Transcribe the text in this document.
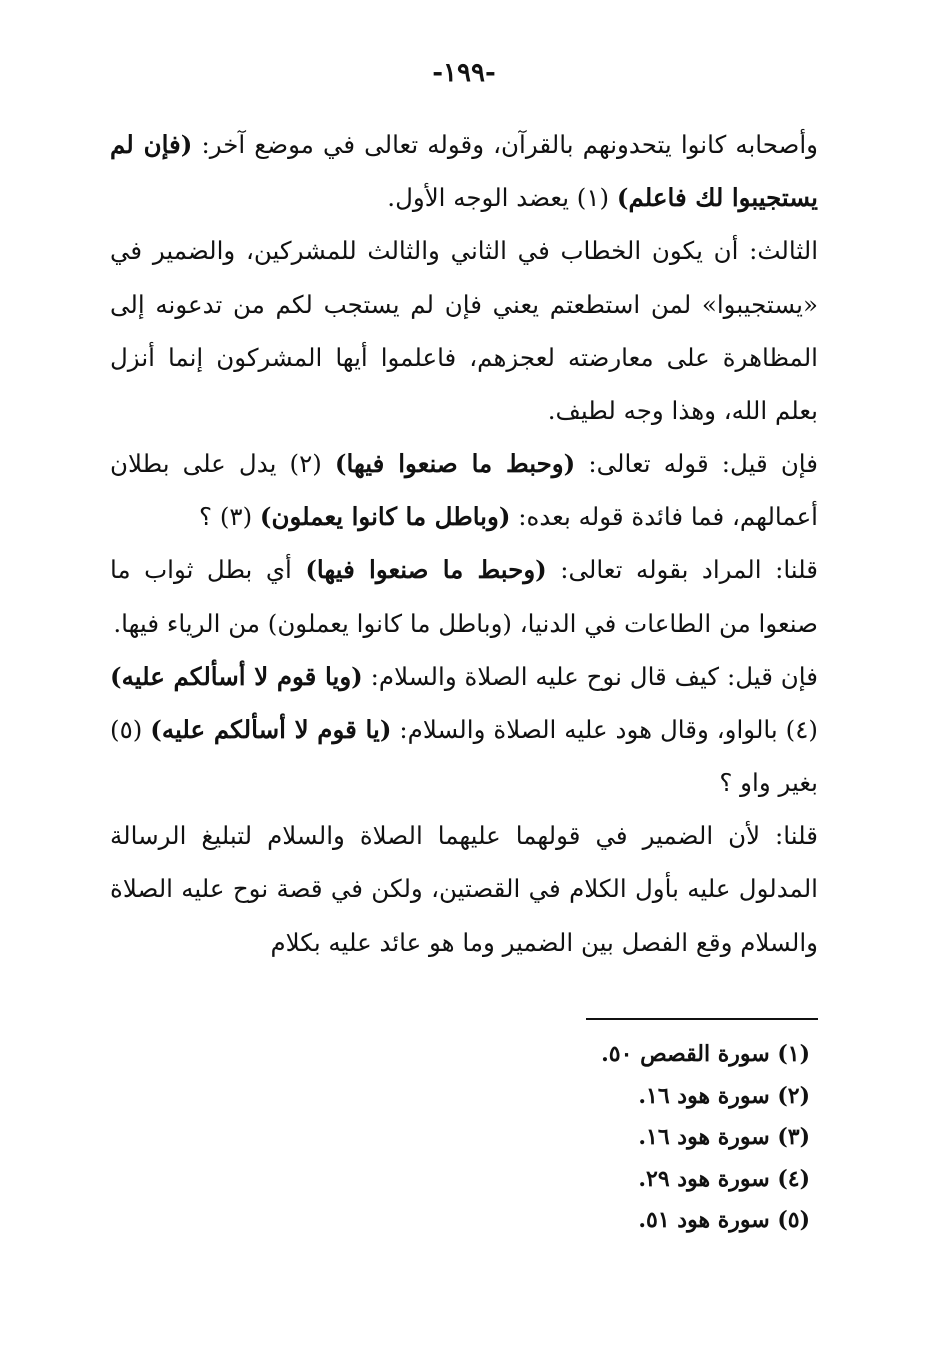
-١٩٩-

وأصحابه كانوا يتحدونهم بالقرآن، وقوله تعالى في موضع آخر: (فإن لم يستجيبوا لك فاعلم) (١) يعضد الوجه الأول.

الثالث: أن يكون الخطاب في الثاني والثالث للمشركين، والضمير في «يستجيبوا» لمن استطعتم يعني فإن لم يستجب لكم من تدعونه إلى المظاهرة على معارضته لعجزهم، فاعلموا أيها المشركون إنما أنزل بعلم الله، وهذا وجه لطيف.

فإن قيل: قوله تعالى: (وحبط ما صنعوا فيها) (٢) يدل على بطلان أعمالهم، فما فائدة قوله بعده: (وباطل ما كانوا يعملون) (٣) ؟

قلنا: المراد بقوله تعالى: (وحبط ما صنعوا فيها) أي بطل ثواب ما صنعوا من الطاعات في الدنيا، (وباطل ما كانوا يعملون) من الرياء فيها.

فإن قيل: كيف قال نوح عليه الصلاة والسلام: (ويا قوم لا أسألكم عليه) (٤) بالواو، وقال هود عليه الصلاة والسلام: (يا قوم لا أسألكم عليه) (٥) بغير واو ؟

قلنا: لأن الضمير في قولهما عليهما الصلاة والسلام لتبليغ الرسالة المدلول عليه بأول الكلام في القصتين، ولكن في قصة نوح عليه الصلاة والسلام وقع الفصل بين الضمير وما هو عائد عليه بكلام

(١) سورة القصص ٥٠.
(٢) سورة هود ١٦.
(٣) سورة هود ١٦.
(٤) سورة هود ٢٩.
(٥) سورة هود ٥١.
